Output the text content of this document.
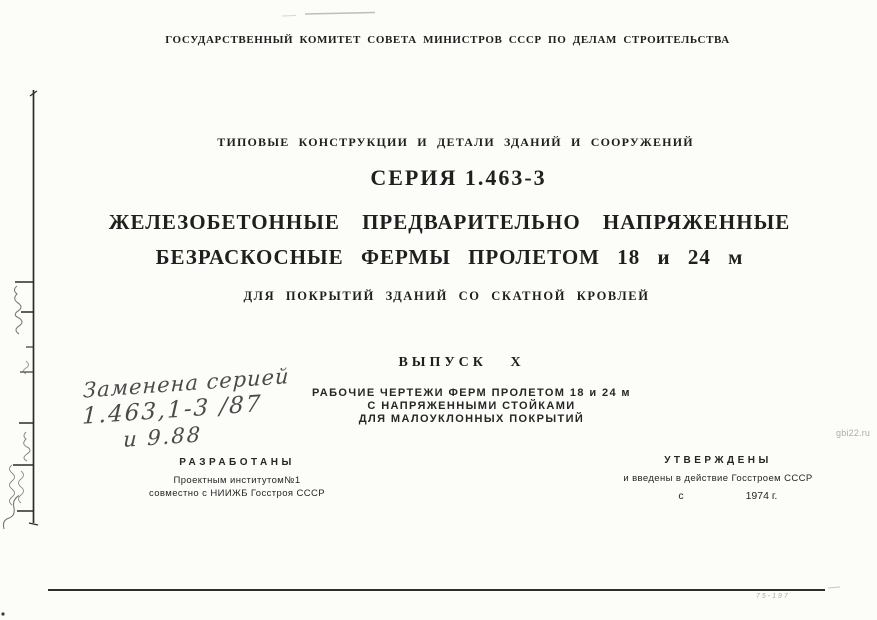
ГОСУДАРСТВЕННЫЙ КОМИТЕТ СОВЕТА МИНИСТРОВ СССР ПО ДЕЛАМ СТРОИТЕЛЬСТВА
ТИПОВЫЕ КОНСТРУКЦИИ И ДЕТАЛИ ЗДАНИЙ И СООРУЖЕНИЙ
СЕРИЯ 1.463-3
ЖЕЛЕЗОБЕТОННЫЕ ПРЕДВАРИТЕЛЬНО НАПРЯЖЕННЫЕ
БЕЗРАСКОСНЫЕ ФЕРМЫ ПРОЛЕТОМ 18 и 24 м
ДЛЯ ПОКРЫТИЙ ЗДАНИЙ СО СКАТНОЙ КРОВЛЕЙ
ВЫПУСК X
РАБОЧИЕ ЧЕРТЕЖИ ФЕРМ ПРОЛЕТОМ 18 и 24 м
С НАПРЯЖЕННЫМИ СТОЙКАМИ
ДЛЯ МАЛОУКЛОННЫХ ПОКРЫТИЙ
Заменена серией
1.463,1-3 /87
и 9.88
РАЗРАБОТАНЫ
Проектным институтом№1
совместно с НИИЖБ Госстроя СССР
УТВЕРЖДЕНЫ
и введены в действие Госстроем СССР
с	1974 г.
gbi22.ru
75-197
